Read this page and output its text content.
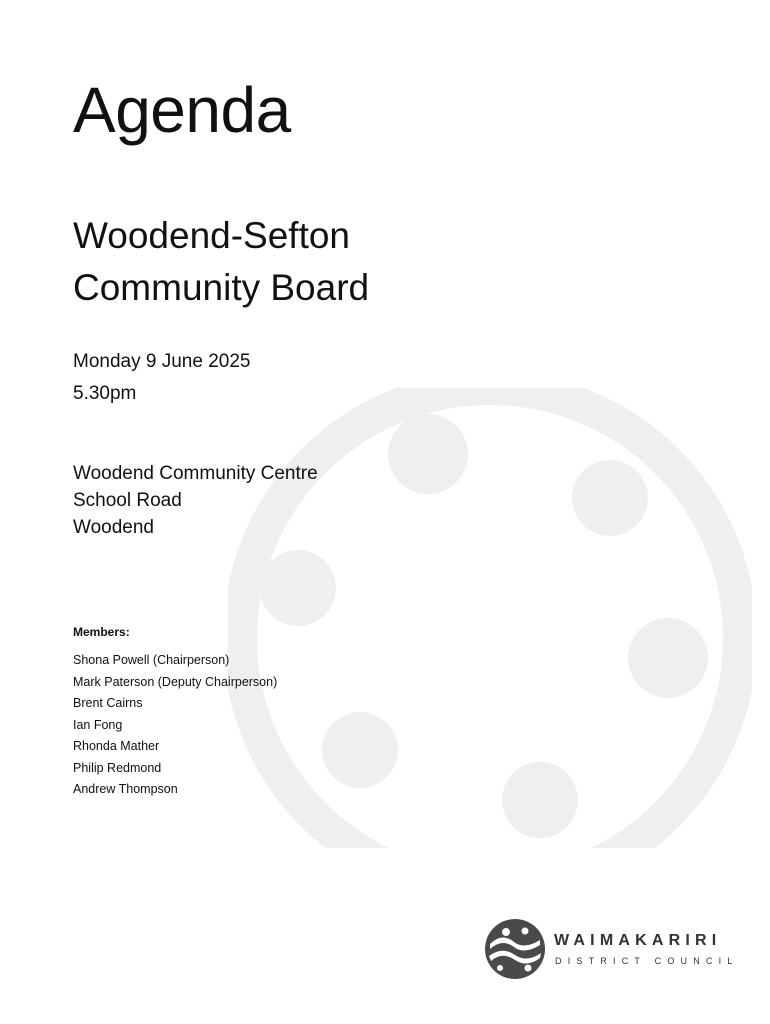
Agenda
Woodend-Sefton
Community Board
Monday 9 June 2025
5.30pm
Woodend Community Centre
School Road
Woodend
Members:
Shona Powell (Chairperson)
Mark Paterson (Deputy Chairperson)
Brent Cairns
Ian Fong
Rhonda Mather
Philip Redmond
Andrew Thompson
WAIMAKARIRI
DISTRICT COUNCIL
